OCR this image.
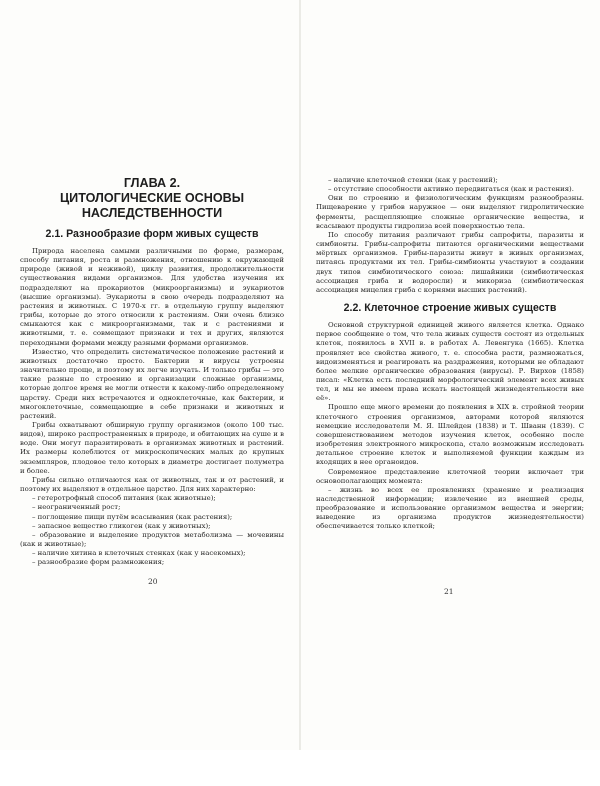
ГЛАВА 2.
ЦИТОЛОГИЧЕСКИЕ ОСНОВЫ
НАСЛЕДСТВЕННОСТИ
2.1. Разнообразие форм живых существ

Природа населена самыми различными по форме, размерам, способу питания, роста и размножения, отношению к окружающей природе (живой и неживой), циклу развития, продолжительности существования видами организмов. Для удобства изучения их подразделяют на прокариотов (микроорганизмы) и эукариотов (высшие организмы). Эукариоты в свою очередь подразделяют на растения и животных. С 1970-х гг. в отдельную группу выделяют грибы, которые до этого относили к растениям. Они очень близко смыкаются как с микроорганизмами, так и с растениями и животными, т. е. совмещают признаки и тех и других, являются переходными формами между разными формами организмов.

Известно, что определить систематическое положение растений и животных достаточно просто. Бактерии и вирусы устроены значительно проще, и поэтому их легче изучать. И только грибы — это такие разные по строению и организации сложные организмы, которые долгое время не могли отнести к какому-либо определенному царству. Среди них встречаются и одноклеточные, как бактерии, и многоклеточные, совмещающие в себе признаки и животных и растений.

Грибы охватывают обширную группу организмов (около 100 тыс. видов), широко распространенных в природе, и обитающих на суше и в воде. Они могут паразитировать в организмах животных и растений. Их размеры колеблются от микроскопических малых до крупных экземпляров, плодовое тело которых в диаметре достигает полуметра и более.

Грибы сильно отличаются как от животных, так и от растений, и поэтому их выделяют в отдельное царство. Для них характерно:

– гетеротрофный способ питания (как животные);

– неограниченный рост;

– поглощение пищи путём всасывания (как растения);

– запасное вещество гликоген (как у животных);

– образование и выделение продуктов метаболизма — мочевины (как и животные);

– наличие хитина в клеточных стенках (как у насекомых);

– разнообразие форм размножения;

– наличие клеточной стенки (как у растений);

– отсутствие способности активно передвигаться (как и растения).

Они по строению и физиологическим функциям разнообразны. Пищеварение у грибов наружное — они выделяют гидролитические ферменты, расщепляющие сложные органические вещества, и всасывают продукты гидролиза всей поверхностью тела.

По способу питания различают грибы сапрофиты, паразиты и симбионты. Грибы-сапрофиты питаются органическими веществами мёртвых организмов. Грибы-паразиты живут в живых организмах, питаясь продуктами их тел. Грибы-симбионты участвуют в создании двух типов симбиотического союза: лишайники (симбиотическая ассоциация гриба и водоросли) и микориза (симбиотическая ассоциация мицелия гриба с корнями высших растений).

2.2. Клеточное строение живых существ

Основной структурной единицей живого является клетка. Однако первое сообщение о том, что тела живых существ состоят из отдельных клеток, появилось в XVII в. в работах А. Левенгука (1665). Клетка проявляет все свойства живого, т. е. способна расти, размножаться, видоизменяться и реагировать на раздражения, которыми не обладают более мелкие органические образования (вирусы). Р. Вирхов (1858) писал: «Клетка есть последний морфологический элемент всех живых тел, и мы не имеем права искать настоящей жизнедеятельности вне её».

Прошло еще много времени до появления в XIX в. стройной теории клеточного строения организмов, авторами которой являются немецкие исследователи М. Я. Шлейден (1838) и Т. Шванн (1839). С совершенствованием методов изучения клеток, особенно после изобретения электронного микроскопа, стало возможным исследовать детальное строение клеток и выполняемой функции каждым из входящих в нее органоидов.

Современное представление клеточной теории включает три основополагающих момента:

– жизнь во всех ее проявлениях (хранение и реализация наследственной информации; извлечение из внешней среды, преобразование и использование организмом вещества и энергии; выведение из организма продуктов жизнедеятельности) обеспечивается только клеткой;

20
21
